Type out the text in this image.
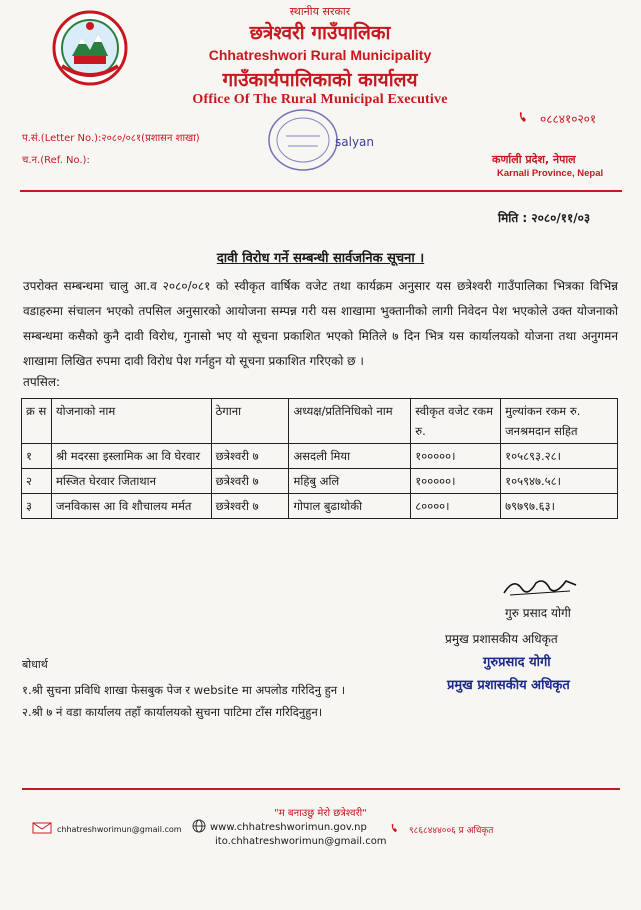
स्थानीय सरकार
छत्रेश्वरी गाउँपालिका
Chhatreshwori Rural Municipality
गाउँकार्यपालिकाको कार्यालय
Office Of The Rural Municipal Executive
salyan
०८८४१०२०१
प.सं.(Letter No.):२०८०/०८१(प्रशासन शाखा)
च.न.(Ref. No.):	कर्णाली प्रदेश, नेपाल
Karnali Province, Nepal
मिति : २०८०/११/०३
दावी विरोध गर्ने सम्बन्धी सार्वजनिक सूचना ।
उपरोक्त सम्बन्धमा चालु आ.व २०८०/०८१ को स्वीकृत वार्षिक वजेट तथा कार्यक्रम अनुसार यस छत्रेश्वरी गाउँपालिका भित्रका विभिन्न वडाहरुमा संचालन भएको तपसिल अनुसारको आयोजना सम्पन्न गरी यस शाखामा भुक्तानीको लागी निवेदन पेश भएकोले उक्त योजनाको सम्बन्धमा कसैको कुनै दावी विरोध, गुनासो भए यो सूचना प्रकाशित भएको मितिले ७ दिन भित्र यस कार्यालयको योजना तथा अनुगमन शाखामा लिखित रुपमा दावी विरोध पेश गर्नहुन यो सूचना प्रकाशित गरिएको छ ।
तपसिल:
क्र स	योजनाको नाम	ठेगाना	अध्यक्ष/प्रतिनिधिको नाम	स्वीकृत वजेट रकम रु.	मुल्यांकन रकम रु. जनश्रमदान सहित
१	श्री मदरसा इस्लामिक आ वि घेरवार	छत्रेश्वरी ७	असदली मिया	१०००००।	१०५८९३.२८।
२	मस्जित घेरवार जिताथान	छत्रेश्वरी ७	महिबु अलि	१०००००।	१०५९४७.५८।
३	जनविकास आ वि शौचालय मर्मत	छत्रेश्वरी ७	गोपाल बुढाथोकी	८००००।	७९७९७.६३।
गुरु प्रसाद योगी
प्रमुख प्रशासकीय अधिकृत
गुरुप्रसाद योगी
प्रमुख प्रशासकीय अधिकृत
बोधार्थ
१.श्री सुचना प्रविधि शाखा फेसबुक पेज र website मा अपलोड गरिदिनु हुन ।
२.श्री ७ नं वडा कार्यालय तहाँ कार्यालयको सुचना पाटिमा टाँस गरिदिनुहुन।
"म बनाउछु मेरो छत्रेश्वरी"
chhatreshwori​mun@gmail.com	www.chhatreshworimun.gov.np
ito.chhatreshworimun@gmail.com
९८६८४४४००६ प्र अधिकृत
